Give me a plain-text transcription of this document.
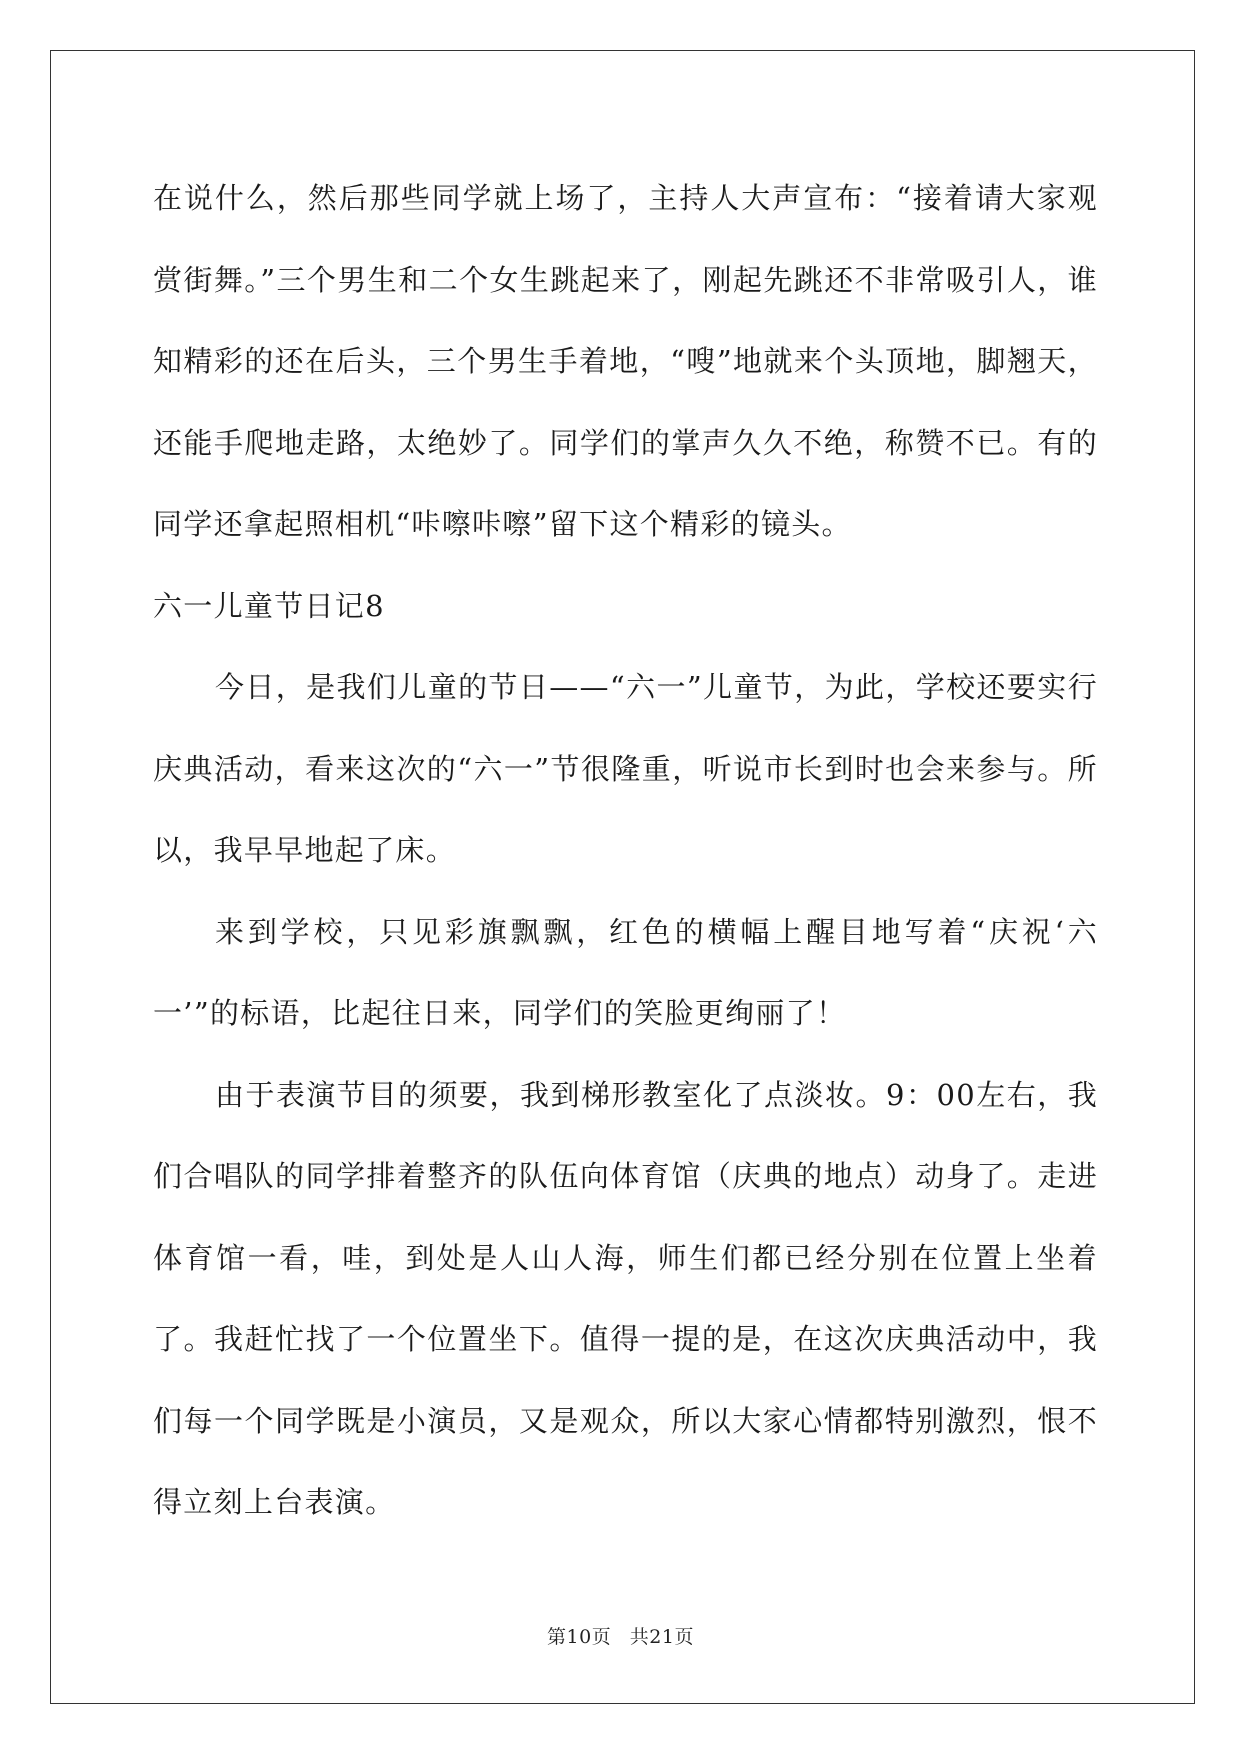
在说什么，然后那些同学就上场了，主持人大声宣布：“接着请大家观赏街舞。”三个男生和二个女生跳起来了，刚起先跳还不非常吸引人，谁知精彩的还在后头，三个男生手着地，“嗖”地就来个头顶地，脚翘天，还能手爬地走路，太绝妙了。同学们的掌声久久不绝，称赞不已。有的同学还拿起照相机“咔嚓咔嚓”留下这个精彩的镜头。

六一儿童节日记8

今日，是我们儿童的节日——“六一”儿童节，为此，学校还要实行庆典活动，看来这次的“六一”节很隆重，听说市长到时也会来参与。所以，我早早地起了床。

来到学校，只见彩旗飘飘，红色的横幅上醒目地写着“庆祝‘六一’”的标语，比起往日来，同学们的笑脸更绚丽了！

由于表演节目的须要，我到梯形教室化了点淡妆。9：00左右，我们合唱队的同学排着整齐的队伍向体育馆（庆典的地点）动身了。走进体育馆一看，哇，到处是人山人海，师生们都已经分别在位置上坐着了。我赶忙找了一个位置坐下。值得一提的是，在这次庆典活动中，我们每一个同学既是小演员，又是观众，所以大家心情都特别激烈，恨不得立刻上台表演。

第10页 共21页
